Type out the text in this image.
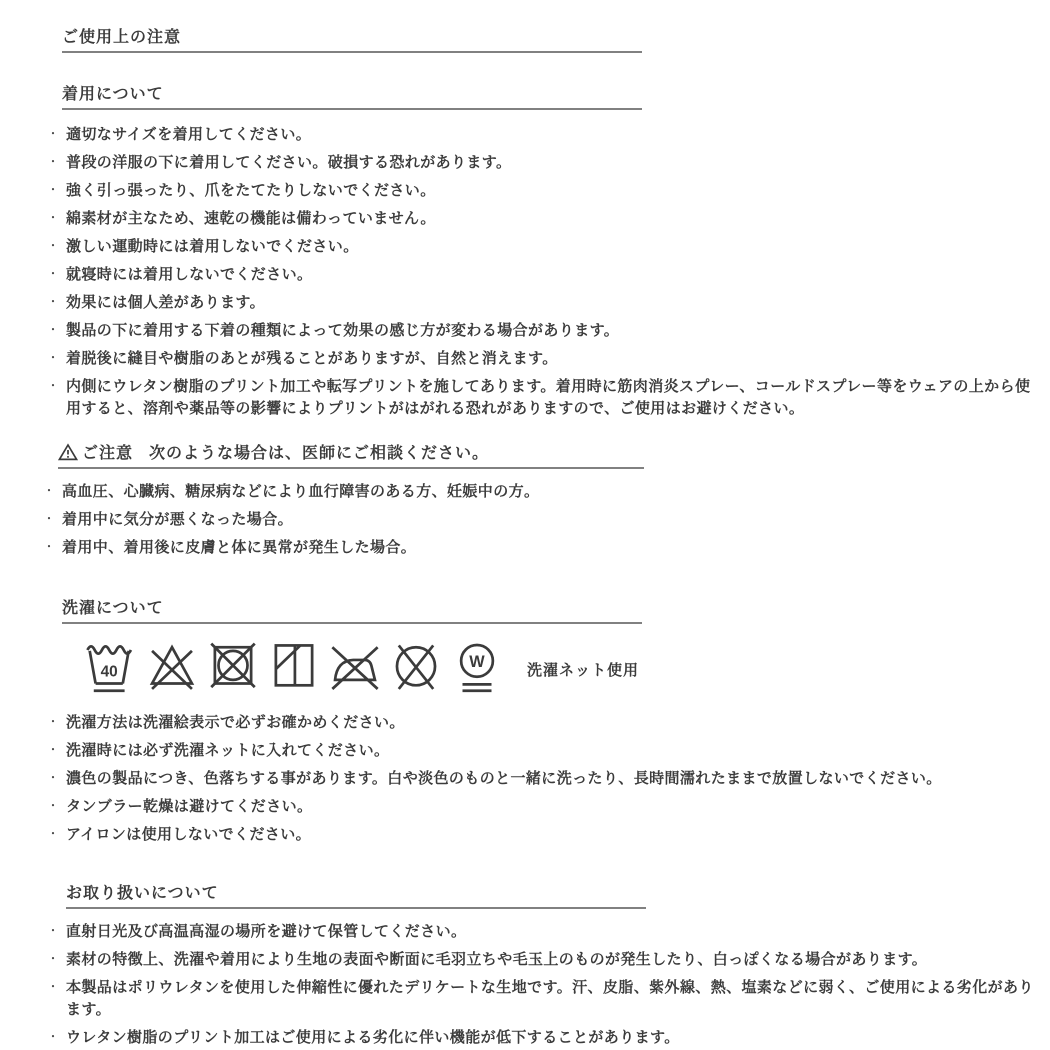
ご使用上の注意
着用について
・ 適切なサイズを着用してください。
・ 普段の洋服の下に着用してください。破損する恐れがあります。
・ 強く引っ張ったり、爪をたてたりしないでください。
・ 綿素材が主なため、速乾の機能は備わっていません。
・ 激しい運動時には着用しないでください。
・ 就寝時には着用しないでください。
・ 効果には個人差があります。
・ 製品の下に着用する下着の種類によって効果の感じ方が変わる場合があります。
・ 着脱後に縫目や樹脂のあとが残ることがありますが、自然と消えます。
・ 内側にウレタン樹脂のプリント加工や転写プリントを施してあります。着用時に筋肉消炎スプレー、コールドスプレー等をウェアの上から使用すると、溶剤や薬品等の影響によりプリントがはがれる恐れがありますので、ご使用はお避けください。
ご注意 次のような場合は、医師にご相談ください。
・ 高血圧、心臓病、糖尿病などにより血行障害のある方、妊娠中の方。
・ 着用中に気分が悪くなった場合。
・ 着用中、着用後に皮膚と体に異常が発生した場合。
洗濯について
40
W	洗濯ネット使用
・ 洗濯方法は洗濯絵表示で必ずお確かめください。
・ 洗濯時には必ず洗濯ネットに入れてください。
・ 濃色の製品につき、色落ちする事があります。白や淡色のものと一緒に洗ったり、長時間濡れたままで放置しないでください。
・ タンブラー乾燥は避けてください。
・ アイロンは使用しないでください。
お取り扱いについて
・ 直射日光及び高温高湿の場所を避けて保管してください。
・ 素材の特徴上、洗濯や着用により生地の表面や断面に毛羽立ちや毛玉上のものが発生したり、白っぽくなる場合があります。
・ 本製品はポリウレタンを使用した伸縮性に優れたデリケートな生地です。汗、皮脂、紫外線、熱、塩素などに弱く、ご使用による劣化があります。
・ ウレタン樹脂のプリント加工はご使用による劣化に伴い機能が低下することがあります。
